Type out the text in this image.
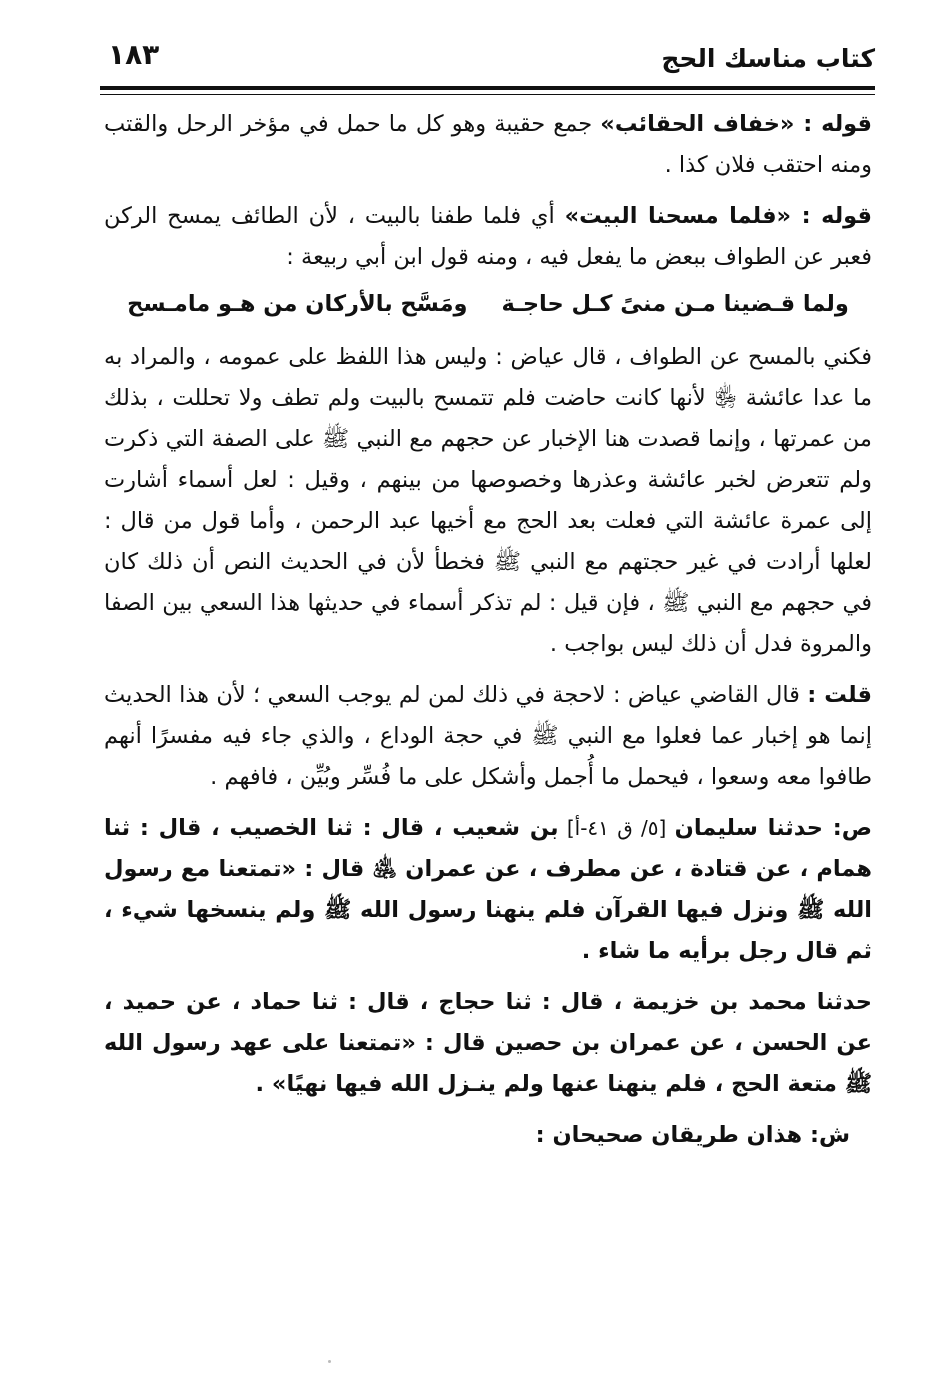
كتاب مناسك الحج
١٨٣

قوله : «خفاف الحقائب» جمع حقيبة وهو كل ما حمل في مؤخر الرحل والقتب ومنه احتقب فلان كذا .

قوله : «فلما مسحنا البيت» أي فلما طفنا بالبيت ، لأن الطائف يمسح الركن فعبر عن الطواف ببعض ما يفعل فيه ، ومنه قول ابن أبي ربيعة :

ولما قـضينا مـن منىً كـل حاجـةومَسَّح بالأركان من هـو مامـسح

فكني بالمسح عن الطواف ، قال عياض : وليس هذا اللفظ على عمومه ، والمراد به ما عدا عائشة ﵂ لأنها كانت حاضت فلم تتمسح بالبيت ولم تطف ولا تحللت ، بذلك من عمرتها ، وإنما قصدت هنا الإخبار عن حجهم مع النبي ﷺ على الصفة التي ذكرت ولم تتعرض لخبر عائشة وعذرها وخصوصها من بينهم ، وقيل : لعل أسماء أشارت إلى عمرة عائشة التي فعلت بعد الحج مع أخيها عبد الرحمن ، وأما قول من قال : لعلها أرادت في غير حجتهم مع النبي ﷺ فخطأ لأن في الحديث النص أن ذلك كان في حجهم مع النبي ﷺ ، فإن قيل : لم تذكر أسماء في حديثها هذا السعي بين الصفا والمروة فدل أن ذلك ليس بواجب .

قلت : قال القاضي عياض : لاحجة في ذلك لمن لم يوجب السعي ؛ لأن هذا الحديث إنما هو إخبار عما فعلوا مع النبي ﷺ في حجة الوداع ، والذي جاء فيه مفسرًا أنهم طافوا معه وسعوا ، فيحمل ما أُجمل وأشكل على ما فُسِّر وبُيِّن ، فافهم .

ص: حدثنا سليمان [٥/ ق ٤١-أ] بن شعيب ، قال : ثنا الخصيب ، قال : ثنا همام ، عن قتادة ، عن مطرف ، عن عمران ﵁ قال : «تمتعنا مع رسول الله ﷺ ونزل فيها القرآن فلم ينهنا رسول الله ﷺ ولم ينسخها شيء ، ثم قال رجل برأيه ما شاء .

حدثنا محمد بن خزيمة ، قال : ثنا حجاج ، قال : ثنا حماد ، عن حميد ، عن الحسن ، عن عمران بن حصين قال : «تمتعنا على عهد رسول الله ﷺ متعة الحج ، فلم ينهنا عنها ولم ينـزل الله فيها نهيًا» .

ش: هذان طريقان صحيحان :
